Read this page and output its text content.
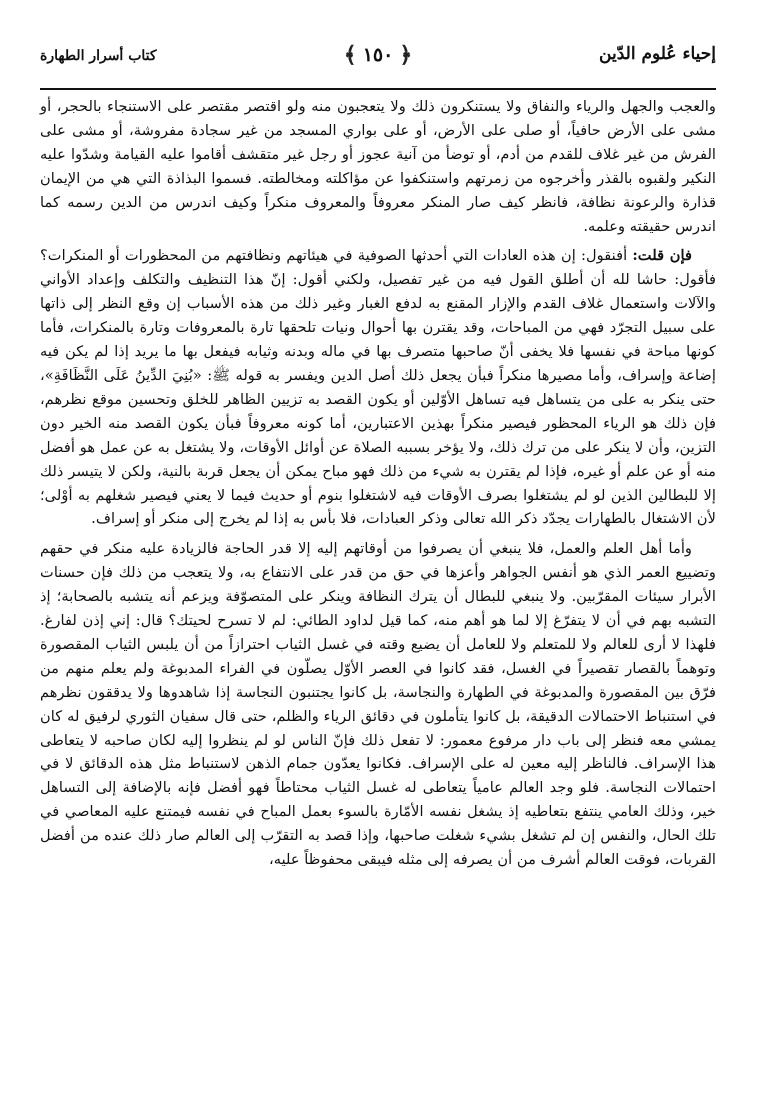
إحياء عُلوم الدّين
﴿
١٥٠
﴾
كتاب أسرار الطهارة

والعجب والجهل والرياء والنفاق ولا يستنكرون ذلك ولا يتعجبون منه ولو اقتصر مقتصر على الاستنجاء بالحجر، أو مشى على الأرض حافياً، أو صلى على الأرض، أو على بواري المسجد من غير سجادة مفروشة، أو مشى على الفرش من غير غلاف للقدم من أدم، أو توضأ من آنية عجوز أو رجل غير متقشف أقاموا عليه القيامة وشدّوا عليه النكير ولقبوه بالقذر وأخرجوه من زمرتهم واستنكفوا عن مؤاكلته ومخالطته. فسموا البذاذة التي هي من الإيمان قذارة والرعونة نظافة، فانظر كيف صار المنكر معروفاً والمعروف منكراً وكيف اندرس من الدين رسمه كما اندرس حقيقته وعلمه.

فإن قلت: أفنقول: إن هذه العادات التي أحدثها الصوفية في هيئاتهم ونظافتهم من المحظورات أو المنكرات؟ فأقول: حاشا لله أن أطلق القول فيه من غير تفصيل، ولكني أقول: إنّ هذا التنظيف والتكلف وإعداد الأواني والآلات واستعمال غلاف القدم والإزار المقنع به لدفع الغبار وغير ذلك من هذه الأسباب إن وقع النظر إلى ذاتها على سبيل التجرّد فهي من المباحات، وقد يقترن بها أحوال ونيات تلحقها تارة بالمعروفات وتارة بالمنكرات، فأما كونها مباحة في نفسها فلا يخفى أنّ صاحبها متصرف بها في ماله وبدنه وثيابه فيفعل بها ما يريد إذا لم يكن فيه إضاعة وإسراف، وأما مصيرها منكراً فبأن يجعل ذلك أصل الدين ويفسر به قوله ﷺ: «بُنِيَ الدِّينُ عَلَى النَّظَافَةِ»، حتى ينكر به على من يتساهل فيه تساهل الأوّلين أو يكون القصد به تزيين الظاهر للخلق وتحسين موقع نظرهم، فإن ذلك هو الرياء المحظور فيصير منكراً بهذين الاعتبارين، أما كونه معروفاً فبأن يكون القصد منه الخير دون التزين، وأن لا ينكر على من ترك ذلك، ولا يؤخر بسببه الصلاة عن أوائل الأوقات، ولا يشتغل به عن عمل هو أفضل منه أو عن علم أو غيره، فإذا لم يقترن به شيء من ذلك فهو مباح يمكن أن يجعل قربة بالنية، ولكن لا يتيسر ذلك إلا للبطالين الذين لو لم يشتغلوا بصرف الأوقات فيه لاشتغلوا بنوم أو حديث فيما لا يعني فيصير شغلهم به أوْلى؛ لأن الاشتغال بالطهارات يجدّد ذكر الله تعالى وذكر العبادات، فلا بأس به إذا لم يخرج إلى منكر أو إسراف.

وأما أهل العلم والعمل، فلا ينبغي أن يصرفوا من أوقاتهم إليه إلا قدر الحاجة فالزيادة عليه منكر في حقهم وتضييع العمر الذي هو أنفس الجواهر وأعزها في حق من قدر على الانتفاع به، ولا يتعجب من ذلك فإن حسنات الأبرار سيئات المقرّبين. ولا ينبغي للبطال أن يترك النظافة وينكر على المتصوّفة ويزعم أنه يتشبه بالصحابة؛ إذ التشبه بهم في أن لا يتفرّغ إلا لما هو أهم منه، كما قيل لداود الطائي: لم لا تسرح لحيتك؟ قال: إني إذن لفارغ. فلهذا لا أرى للعالم ولا للمتعلم ولا للعامل أن يضيع وقته في غسل الثياب احترازاً من أن يلبس الثياب المقصورة وتوهماً بالقصار تقصيراً في الغسل، فقد كانوا في العصر الأوّل يصلّون في الفراء المدبوغة ولم يعلم منهم من فرّق بين المقصورة والمدبوغة في الطهارة والنجاسة، بل كانوا يجتنبون النجاسة إذا شاهدوها ولا يدققون نظرهم في استنباط الاحتمالات الدقيقة، بل كانوا يتأملون في دقائق الرياء والظلم، حتى قال سفيان الثوري لرفيق له كان يمشي معه فنظر إلى باب دار مرفوع معمور: لا تفعل ذلك فإنّ الناس لو لم ينظروا إليه لكان صاحبه لا يتعاطى هذا الإسراف. فالناظر إليه معين له على الإسراف. فكانوا يعدّون جمام الذهن لاستنباط مثل هذه الدقائق لا في احتمالات النجاسة. فلو وجد العالم عامياً يتعاطى له غسل الثياب محتاطاً فهو أفضل فإنه بالإضافة إلى التساهل خير، وذلك العامي ينتفع بتعاطيه إذ يشغل نفسه الأمّارة بالسوء بعمل المباح في نفسه فيمتنع عليه المعاصي في تلك الحال، والنفس إن لم تشغل بشيء شغلت صاحبها، وإذا قصد به التقرّب إلى العالم صار ذلك عنده من أفضل القربات، فوقت العالم أشرف من أن يصرفه إلى مثله فيبقى محفوظاً عليه،
